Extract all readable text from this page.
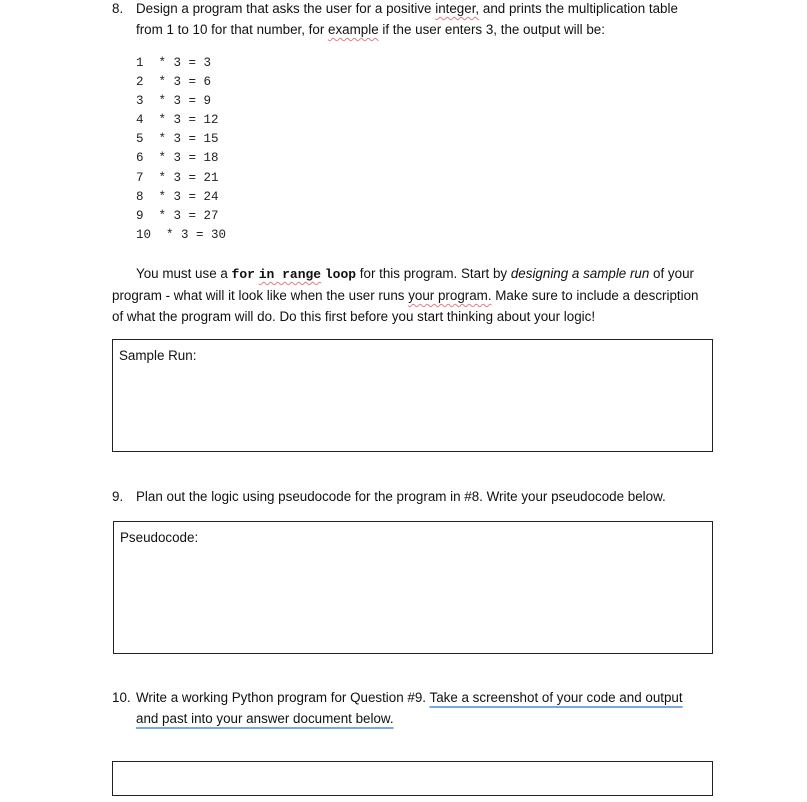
8. Design a program that asks the user for a positive integer, and prints the multiplication table
from 1 to 10 for that number, for example if the user enters 3, the output will be:
1  * 3 = 3
2  * 3 = 6
3  * 3 = 9
4  * 3 = 12
5  * 3 = 15
6  * 3 = 18
7  * 3 = 21
8  * 3 = 24
9  * 3 = 27
10  * 3 = 30
You must use a for in range loop for this program. Start by designing a sample run of your program - what will it look like when the user runs your program. Make sure to include a description of what the program will do. Do this first before you start thinking about your logic!
Sample Run:
9. Plan out the logic using pseudocode for the program in #8. Write your pseudocode below.
Pseudocode:
10. Write a working Python program for Question #9. Take a screenshot of your code and output
and past into your answer document below.
